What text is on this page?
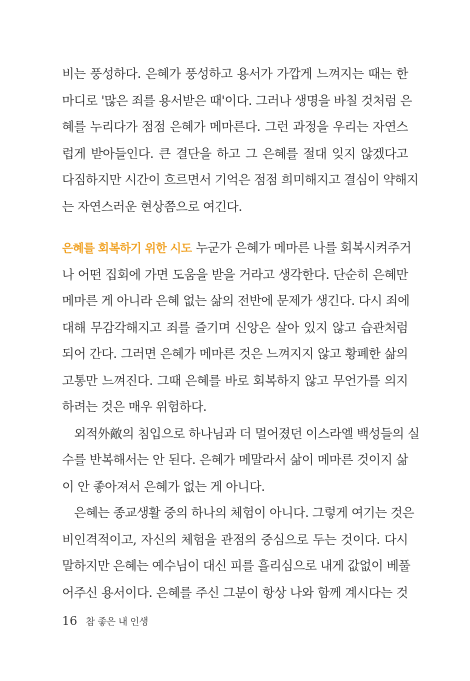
비는 풍성하다. 은혜가 풍성하고 용서가 가깝게 느껴지는 때는 한
마디로 '많은 죄를 용서받은 때'이다. 그러나 생명을 바칠 것처럼 은
혜를 누리다가 점점 은혜가 메마른다. 그런 과정을 우리는 자연스
럽게 받아들인다. 큰 결단을 하고 그 은혜를 절대 잊지 않겠다고
다짐하지만 시간이 흐르면서 기억은 점점 희미해지고 결심이 약해지
는 자연스러운 현상쯤으로 여긴다.
은혜를 회복하기 위한 시도 누군가 은혜가 메마른 나를 회복시켜주거
나 어떤 집회에 가면 도움을 받을 거라고 생각한다. 단순히 은혜만
메마른 게 아니라 은혜 없는 삶의 전반에 문제가 생긴다. 다시 죄에
대해 무감각해지고 죄를 즐기며 신앙은 살아 있지 않고 습관처럼
되어 간다. 그러면 은혜가 메마른 것은 느껴지지 않고 황폐한 삶의
고통만 느껴진다. 그때 은혜를 바로 회복하지 않고 무언가를 의지
하려는 것은 매우 위험하다.
외적外敵의 침입으로 하나님과 더 멀어졌던 이스라엘 백성들의 실
수를 반복해서는 안 된다. 은혜가 메말라서 삶이 메마른 것이지 삶
이 안 좋아져서 은혜가 없는 게 아니다.
은혜는 종교생활 중의 하나의 체험이 아니다. 그렇게 여기는 것은
비인격적이고, 자신의 체험을 관점의 중심으로 두는 것이다. 다시
말하지만 은혜는 예수님이 대신 피를 흘리심으로 내게 값없이 베풀
어주신 용서이다. 은혜를 주신 그분이 항상 나와 함께 계시다는 것
16 참 좋은 내 인생
